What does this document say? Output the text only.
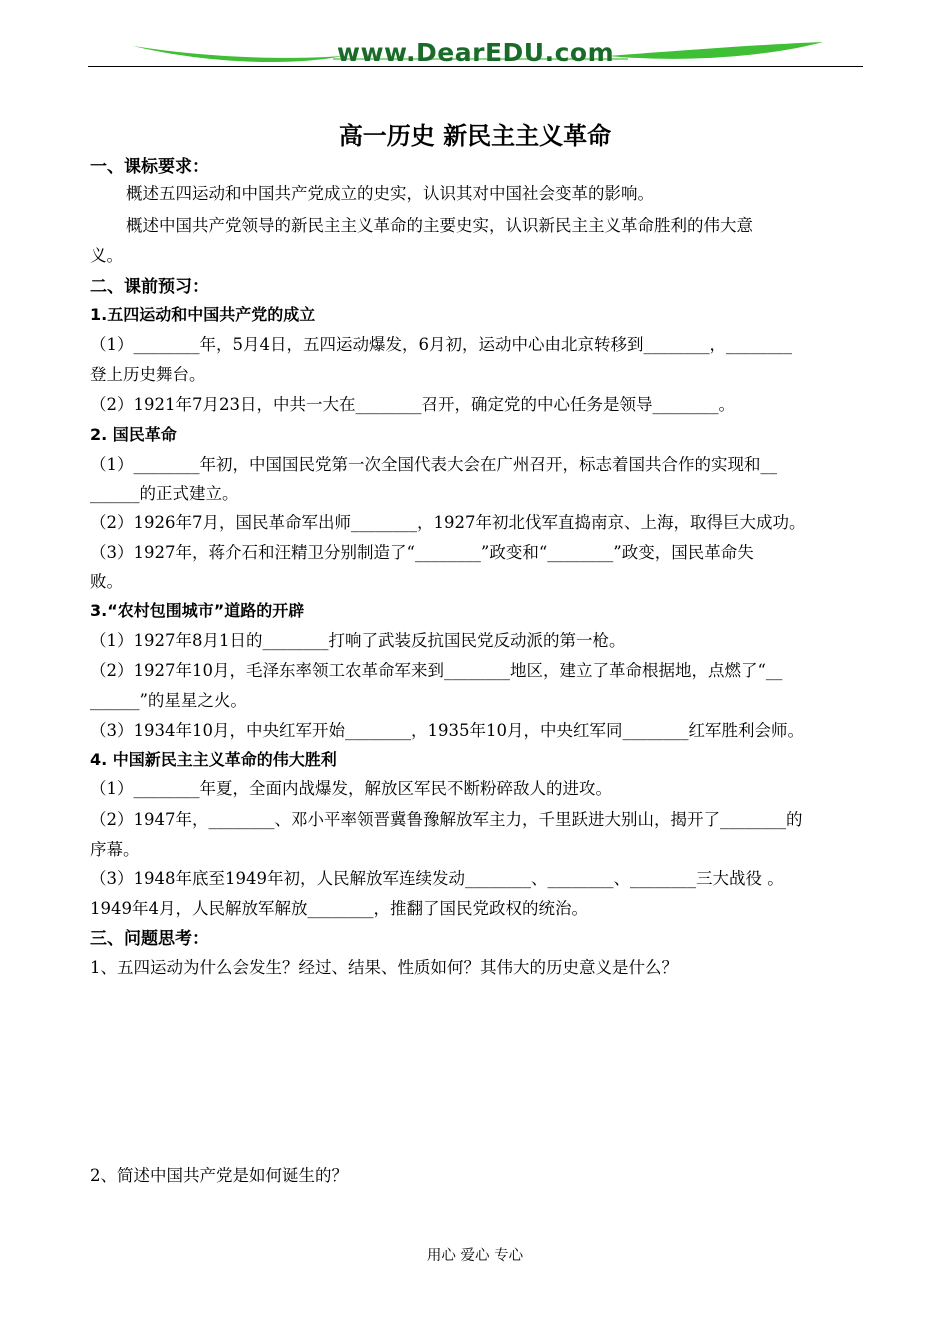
www.DearEDU.com
高一历史 新民主主义革命
一、课标要求：
概述五四运动和中国共产党成立的史实，认识其对中国社会变革的影响。
概述中国共产党领导的新民主主义革命的主要史实，认识新民主主义革命胜利的伟大意
义。
二、课前预习：
1.五四运动和中国共产党的成立
（1）________年，5月4日，五四运动爆发，6月初，运动中心由北京转移到________，________
登上历史舞台。
（2）1921年7月23日，中共一大在________召开，确定党的中心任务是领导________。
2. 国民革命
（1）________年初，中国国民党第一次全国代表大会在广州召开，标志着国共合作的实现和__
______的正式建立。
（2）1926年7月，国民革命军出师________，1927年初北伐军直捣南京、上海，取得巨大成功。
（3）1927年，蒋介石和汪精卫分别制造了“________”政变和“________”政变，国民革命失
败。
3.“农村包围城市”道路的开辟
（1）1927年8月1日的________打响了武装反抗国民党反动派的第一枪。
（2）1927年10月，毛泽东率领工农革命军来到________地区，建立了革命根据地，点燃了“__
______”的星星之火。
（3）1934年10月，中央红军开始________，1935年10月，中央红军同________红军胜利会师。
4. 中国新民主主义革命的伟大胜利
（1）________年夏，全面内战爆发，解放区军民不断粉碎敌人的进攻。
（2）1947年，________、邓小平率领晋冀鲁豫解放军主力，千里跃进大别山，揭开了________的
序幕。
（3）1948年底至1949年初，人民解放军连续发动________、________、________三大战役 。
1949年4月，人民解放军解放________，推翻了国民党政权的统治。
三、问题思考：
1、五四运动为什么会发生？经过、结果、性质如何？其伟大的历史意义是什么？
2、简述中国共产党是如何诞生的？
用心 爱心 专心
